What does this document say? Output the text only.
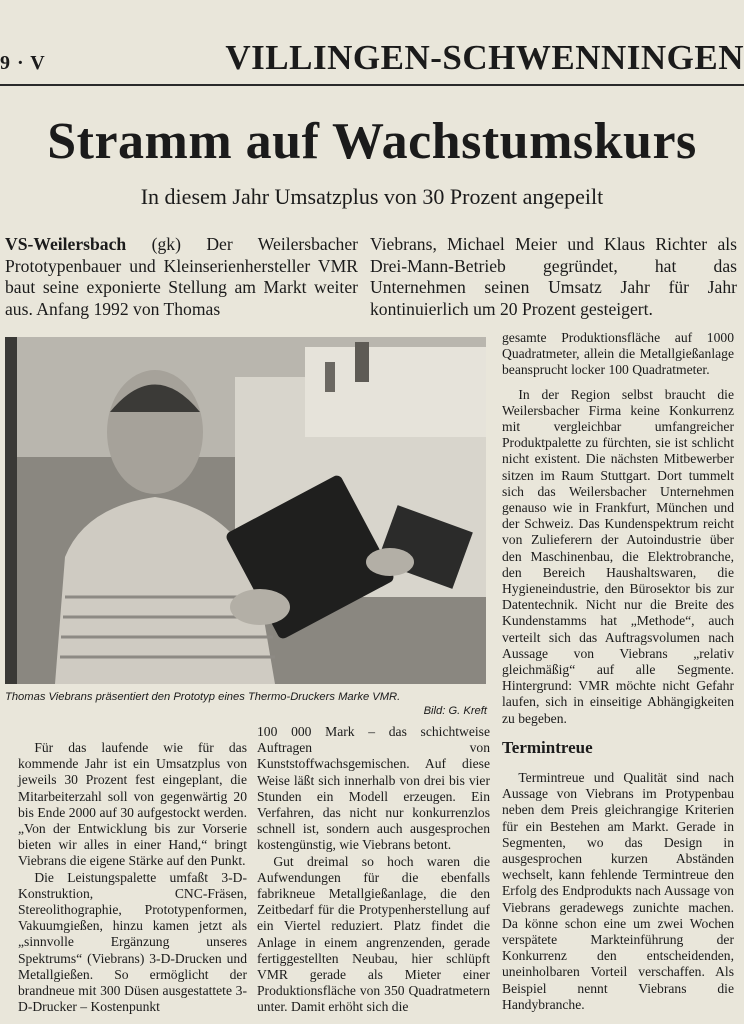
9 · V	VILLINGEN-SCHWENNINGEN
Stramm auf Wachstumskurs
In diesem Jahr Umsatzplus von 30 Prozent angepeilt

VS-Weilersbach (gk) Der Weilersbacher Prototypenbauer und Kleinserienhersteller VMR baut seine exponierte Stellung am Markt weiter aus. Anfang 1992 von Thomas

Viebrans, Michael Meier und Klaus Richter als Drei-Mann-Betrieb gegründet, hat das Unternehmen seinen Umsatz Jahr für Jahr kontinuierlich um 20 Prozent gesteigert.

Thomas Viebrans präsentiert den Prototyp eines Thermo-Druckers Marke VMR.
Bild: G. Kreft

Für das laufende wie für das kommende Jahr ist ein Umsatzplus von jeweils 30 Prozent fest eingeplant, die Mitarbeiterzahl soll von gegenwärtig 20 bis Ende 2000 auf 30 aufgestockt werden. „Von der Entwicklung bis zur Vorserie bieten wir alles in einer Hand,“ bringt Viebrans die eigene Stärke auf den Punkt.

Die Leistungspalette umfaßt 3-D-Konstruktion, CNC-Fräsen, Stereolithographie, Prototypenformen, Vakuumgießen, hinzu kamen jetzt als „sinnvolle Ergänzung unseres Spektrums“ (Viebrans) 3-D-Drucken und Metallgießen. So ermöglicht der brandneue mit 300 Düsen ausgestattete 3-D-Drucker – Kostenpunkt

100 000 Mark – das schichtweise Auftragen von Kunststoffwachsgemischen. Auf diese Weise läßt sich innerhalb von drei bis vier Stunden ein Modell erzeugen. Ein Verfahren, das nicht nur konkurrenzlos schnell ist, sondern auch ausgesprochen kostengünstig, wie Viebrans betont.

Gut dreimal so hoch waren die Aufwendungen für die ebenfalls fabrikneue Metallgießanlage, die den Zeitbedarf für die Protypenherstellung auf ein Viertel reduziert. Platz findet die Anlage in einem angrenzenden, gerade fertiggestellten Neubau, hier schlüpft VMR gerade als Mieter einer Produktionsfläche von 350 Quadratmetern unter. Damit erhöht sich die

gesamte Produktionsfläche auf 1000 Quadratmeter, allein die Metallgießanlage beansprucht locker 100 Quadratmeter.

In der Region selbst braucht die Weilersbacher Firma keine Konkurrenz mit vergleichbar umfangreicher Produktpalette zu fürchten, sie ist schlicht nicht existent. Die nächsten Mitbewerber sitzen im Raum Stuttgart. Dort tummelt sich das Weilersbacher Unternehmen genauso wie in Frankfurt, München und der Schweiz. Das Kundenspektrum reicht von Zulieferern der Autoindustrie über den Maschinenbau, die Elektrobranche, den Bereich Haushaltswaren, die Hygieneindustrie, den Bürosektor bis zur Datentechnik. Nicht nur die Breite des Kundenstamms hat „Methode“, auch verteilt sich das Auftragsvolumen nach Aussage von Viebrans „relativ gleichmäßig“ auf alle Segmente. Hintergrund: VMR möchte nicht Gefahr laufen, sich in einseitige Abhängigkeiten zu begeben.

Termintreue

Termintreue und Qualität sind nach Aussage von Viebrans im Protypenbau neben dem Preis gleichrangige Kriterien für ein Bestehen am Markt. Gerade in Segmenten, wo das Design in ausgesprochen kurzen Abständen wechselt, kann fehlende Termintreue den Erfolg des Endprodukts nach Aussage von Viebrans geradewegs zunichte machen. Da könne schon eine um zwei Wochen verspätete Markteinführung der Konkurrenz den entscheidenden, uneinholbaren Vorteil verschaffen. Als Beispiel nennt Viebrans die Handybranche.
